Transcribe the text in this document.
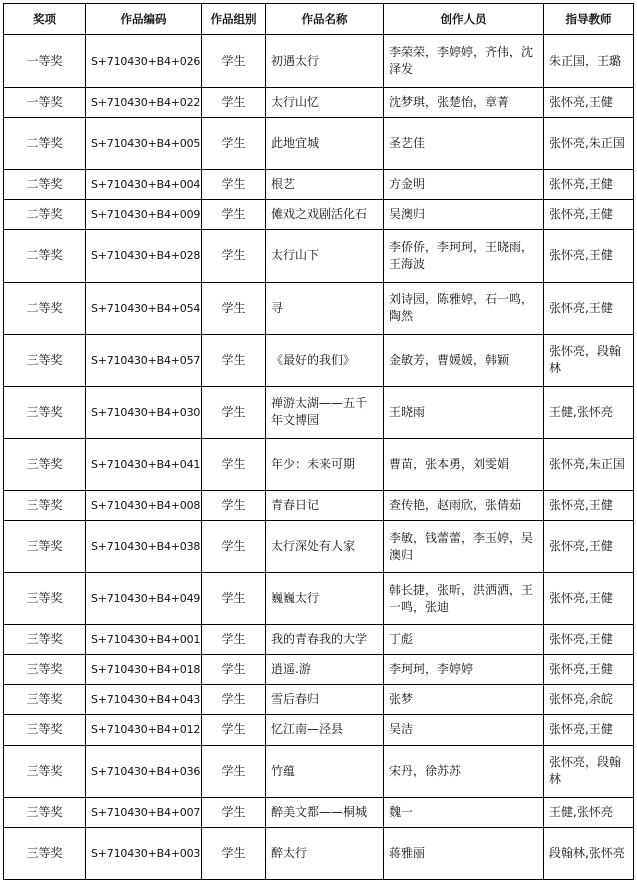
奖项	作品编码	作品组别	作品名称	创作人员	指导教师
一等奖	S+710430+B4+026	学生	初遇太行	李荣荣，李婷婷，齐伟，沈泽发	朱正国，王璐
一等奖	S+710430+B4+022	学生	太行山忆	沈梦琪，张楚怡，章菁	张怀亮,王健
二等奖	S+710430+B4+005	学生	此地宜城	圣艺佳	张怀亮,朱正国
二等奖	S+710430+B4+004	学生	根艺	方金明	张怀亮,王健
二等奖	S+710430+B4+009	学生	傩戏之戏剧活化石	吴澳归	张怀亮,王健
二等奖	S+710430+B4+028	学生	太行山下	李侨侨，李珂珂，王晓雨，王海波	张怀亮,王健
二等奖	S+710430+B4+054	学生	寻	刘诗园，陈雅婷，石一鸣，陶然	张怀亮,王健
三等奖	S+710430+B4+057	学生	《最好的我们》	金敏芳，曹媛媛，韩颖	张怀亮，段翰林
三等奖	S+710430+B4+030	学生	禅游太湖——五千年文博园	王晓雨	王健,张怀亮
三等奖	S+710430+B4+041	学生	年少：未来可期	曹苗，张本勇，刘雯娟	张怀亮,朱正国
三等奖	S+710430+B4+008	学生	青春日记	查传艳，赵雨欣，张倩茹	张怀亮,王健
三等奖	S+710430+B4+038	学生	太行深处有人家	李敏，钱蕾蕾，李玉婷，吴澳归	张怀亮,王健
三等奖	S+710430+B4+049	学生	巍巍太行	韩长捷，张昕，洪洒洒，王一鸣，张迪	张怀亮,王健
三等奖	S+710430+B4+001	学生	我的青春我的大学	丁彪	张怀亮,王健
三等奖	S+710430+B4+018	学生	逍遥.游	李珂珂，李婷婷	张怀亮,王健
三等奖	S+710430+B4+043	学生	雪后春归	张梦	张怀亮,余皖
三等奖	S+710430+B4+012	学生	忆江南—泾县	吴洁	张怀亮,王健
三等奖	S+710430+B4+036	学生	竹蕴	宋丹，徐苏苏	张怀亮，段翰林
三等奖	S+710430+B4+007	学生	醉美文都——桐城	魏一	王健,张怀亮
三等奖	S+710430+B4+003	学生	醉太行	蒋雅丽	段翰林,张怀亮
